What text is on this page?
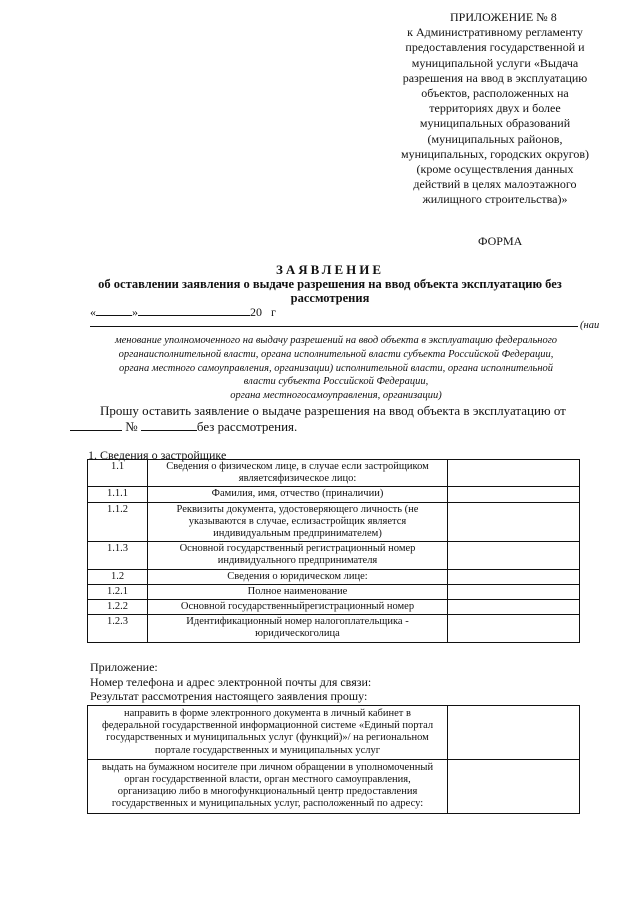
ПРИЛОЖЕНИЕ № 8
к Административному регламенту
предоставления государственной и
муниципальной услуги «Выдача
разрешения на ввод в эксплуатацию
объектов, расположенных на
территориях двух и более
муниципальных образований
(муниципальных районов,
муниципальных, городских округов)
(кроме осуществления данных
действий в целях малоэтажного
жилищного строительства)»
ФОРМА
ЗАЯВЛЕНИЕ
об оставлении заявления о выдаче разрешения на ввод объекта эксплуатацию без
рассмотрения
«	»	20 г
(наи
менование уполномоченного на выдачу разрешений на ввод объекта в эксплуатацию федерального
органаисполнительной власти, органа исполнительной власти субъекта Российской Федерации,
органа местного самоуправления, организации) исполнительной власти, органа исполнительной
власти субъекта Российской Федерации,
органа местногосамоуправления, организации)
Прошу оставить заявление о выдаче разрешения на ввод объекта в эксплуатацию от
№	без рассмотрения.
1. Сведения о застройщике
1.1	Сведения о физическом лице, в случае если застройщиком являетсяфизическое лицо:	
1.1.1	Фамилия, имя, отчество (приналичии)	
1.1.2	Реквизиты документа, удостоверяющего личность (не указываются в случае, еслизастройщик является индивидуальным предпринимателем)	
1.1.3	Основной государственный регистрационный номер индивидуального предпринимателя	
1.2	Сведения о юридическом лице:	
1.2.1	Полное наименование	
1.2.2	Основной государственныйрегистрационный номер	
1.2.3	Идентификационный номер налогоплательщика - юридическоголица	
Приложение:
Номер телефона и адрес электронной почты для связи:
Результат рассмотрения настоящего заявления прошу:
направить в форме электронного документа в личный кабинет в федеральной государственной информационной системе «Единый портал государственных и муниципальных услуг (функций)»/ на региональном портале государственных и муниципальных услуг	
выдать на бумажном носителе при личном обращении в уполномоченный орган государственной власти, орган местного самоуправления, организацию либо в многофункциональный центр предоставления государственных и муниципальных услуг, расположенный по адресу:	
